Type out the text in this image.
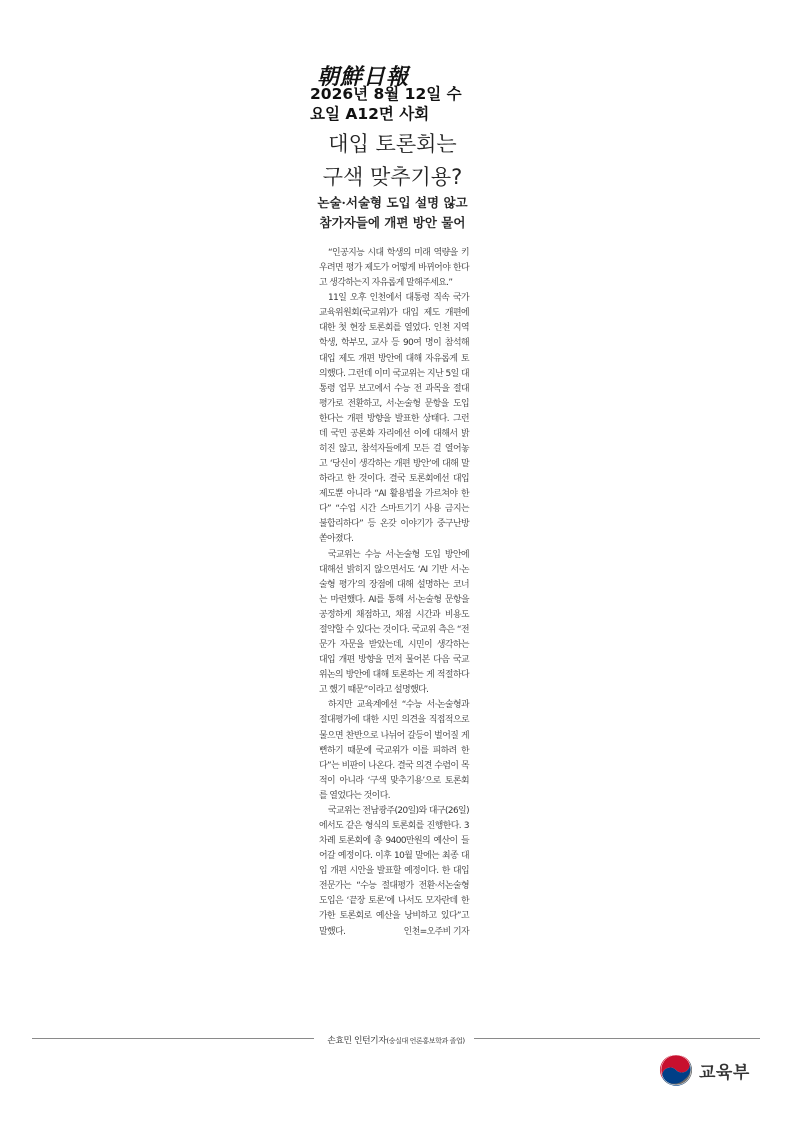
朝鮮日報
2026년 8월 12일 수
요일 A12면 사회
대입 토론회는
구색 맞추기용?
논술·서술형 도입 설명 않고
참가자들에 개편 방안 물어

“인공지능 시대 학생의 미래 역량을 키우려면 평가 제도가 어떻게 바뀌어야 한다고 생각하는지 자유롭게 말해주세요.”

11일 오후 인천에서 대통령 직속 국가교육위원회(국교위)가 대입 제도 개편에 대한 첫 현장 토론회를 열었다. 인천 지역 학생, 학부모, 교사 등 90여 명이 참석해 대입 제도 개편 방안에 대해 자유롭게 토의했다. 그런데 이미 국교위는 지난 5일 대통령 업무 보고에서 수능 전 과목을 절대평가로 전환하고, 서·논술형 문항을 도입한다는 개편 방향을 발표한 상태다. 그런데 국민 공론화 자리에선 이에 대해서 밝히진 않고, 참석자들에게 모든 걸 열어놓고 ‘당신이 생각하는 개편 방안’에 대해 말하라고 한 것이다. 결국 토론회에선 대입 제도뿐 아니라 “AI 활용법을 가르쳐야 한다” “수업 시간 스마트기기 사용 금지는 불합리하다” 등 온갖 이야기가 중구난방 쏟아졌다.

국교위는 수능 서·논술형 도입 방안에 대해선 밝히지 않으면서도 ‘AI 기반 서·논술형 평가’의 장점에 대해 설명하는 코너는 마련했다. AI를 통해 서·논술형 문항을 공정하게 채점하고, 채점 시간과 비용도 절약할 수 있다는 것이다. 국교위 측은 “전문가 자문을 받았는데, 시민이 생각하는 대입 개편 방향을 먼저 물어본 다음 국교위논의 방안에 대해 토론하는 게 적절하다고 했기 때문”이라고 설명했다.

하지만 교육계에선 “수능 서·논술형과 절대평가에 대한 시민 의견을 직접적으로 물으면 찬반으로 나뉘어 갈등이 벌어질 게 뻔하기 때문에 국교위가 이를 피하려 한다”는 비판이 나온다. 결국 의견 수렴이 목적이 아니라 ‘구색 맞추기용’으로 토론회를 열었다는 것이다.

국교위는 전남광주(20일)와 대구(26일)에서도 같은 형식의 토론회를 진행한다. 3차례 토론회에 총 9400만원의 예산이 들어갈 예정이다. 이후 10월 말에는 최종 대입 개편 시안을 발표할 예정이다. 한 대입 전문가는 “수능 절대평가 전환·서논술형 도입은 ‘끝장 토론’에 나서도 모자란데 한가한 토론회로 예산을 낭비하고 있다”고 말했다.	인천=오주비 기자

손효민 인턴기자(숭실대 언론홍보학과 졸업)
교육부
